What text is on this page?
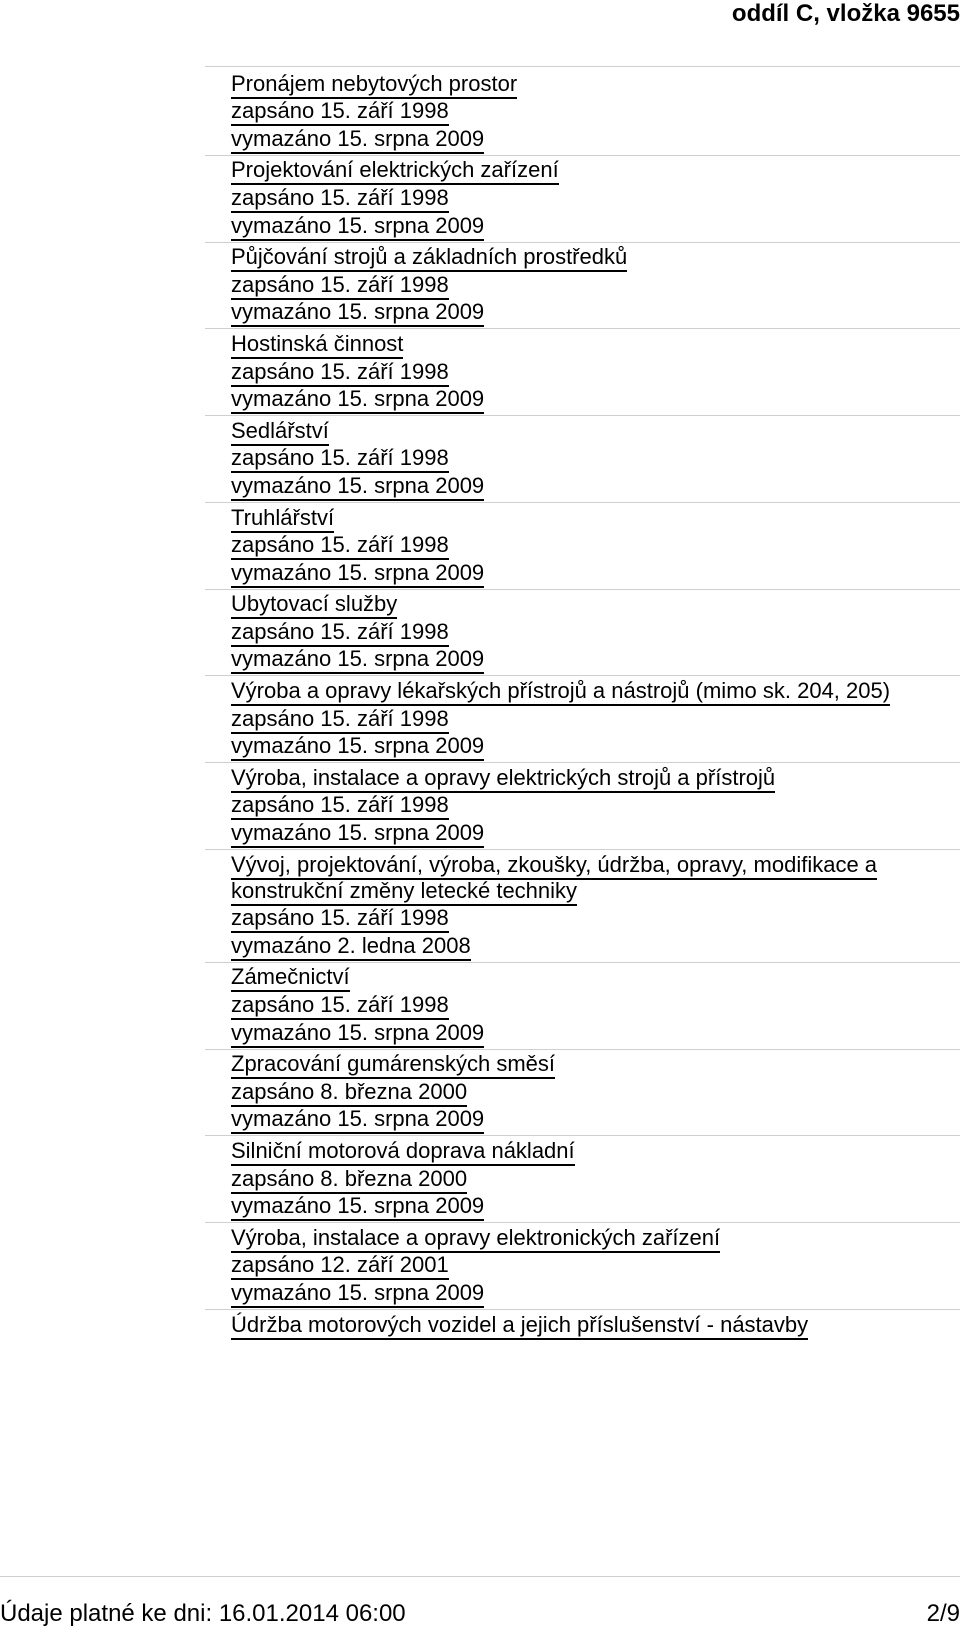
oddíl C, vložka 9655
Pronájem nebytových prostor
zapsáno 15. září 1998
vymazáno 15. srpna 2009
Projektování elektrických zařízení
zapsáno 15. září 1998
vymazáno 15. srpna 2009
Půjčování strojů a základních prostředků
zapsáno 15. září 1998
vymazáno 15. srpna 2009
Hostinská činnost
zapsáno 15. září 1998
vymazáno 15. srpna 2009
Sedlářství
zapsáno 15. září 1998
vymazáno 15. srpna 2009
Truhlářství
zapsáno 15. září 1998
vymazáno 15. srpna 2009
Ubytovací služby
zapsáno 15. září 1998
vymazáno 15. srpna 2009
Výroba a opravy lékařských přístrojů a nástrojů (mimo sk. 204, 205)
zapsáno 15. září 1998
vymazáno 15. srpna 2009
Výroba, instalace a opravy elektrických strojů a přístrojů
zapsáno 15. září 1998
vymazáno 15. srpna 2009
Vývoj, projektování, výroba, zkoušky, údržba, opravy, modifikace a konstrukční změny letecké techniky
zapsáno 15. září 1998
vymazáno 2. ledna 2008
Zámečnictví
zapsáno 15. září 1998
vymazáno 15. srpna 2009
Zpracování gumárenských směsí
zapsáno 8. března 2000
vymazáno 15. srpna 2009
Silniční motorová doprava nákladní
zapsáno 8. března 2000
vymazáno 15. srpna 2009
Výroba, instalace a opravy elektronických zařízení
zapsáno 12. září 2001
vymazáno 15. srpna 2009
Údržba motorových vozidel a jejich příslušenství - nástavby
Údaje platné ke dni: 16.01.2014 06:00	2/9
